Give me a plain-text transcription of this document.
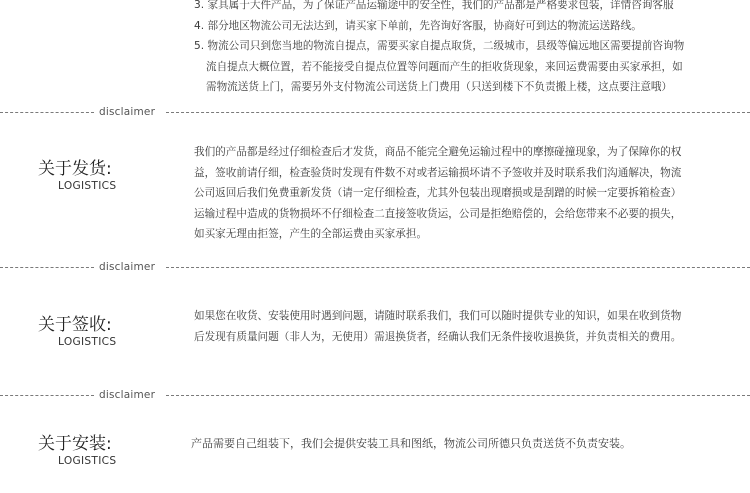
3. 家具属于大件产品，为了保证产品运输途中的安全性，我们的产品都是严格要求包装，详情咨询客服
4. 部分地区物流公司无法达到，请买家下单前，先咨询好客服，协商好可到达的物流运送路线。
5. 物流公司只到您当地的物流自提点，需要买家自提点取货，二级城市，县级等偏远地区需要提前咨询物
流自提点大概位置，若不能接受自提点位置等问题而产生的拒收货现象，来回运费需要由买家承担，如
需物流送货上门，需要另外支付物流公司送货上门费用（只送到楼下不负责搬上楼，这点要注意哦）
disclaimer
关于发货:
LOGISTICS
我们的产品都是经过仔细检查后才发货，商品不能完全避免运输过程中的摩擦碰撞现象，为了保障你的权
益，签收前请仔细，检查验货时发现有件数不对或者运输损坏请不予签收并及时联系我们沟通解决，物流
公司返回后我们免费重新发货（请一定仔细检查，尤其外包装出现磨损或是刮蹭的时候一定要拆箱检查）
运输过程中造成的货物损坏不仔细检查二直接签收货运，公司是拒绝赔偿的，会给您带来不必要的损失，
如买家无理由拒签，产生的全部运费由买家承担。
disclaimer
关于签收:
LOGISTICS
如果您在收货、安装使用时遇到问题，请随时联系我们，我们可以随时提供专业的知识，如果在收到货物
后发现有质量问题（非人为，无使用）需退换货者，经确认我们无条件接收退换货，并负责相关的费用。
disclaimer
关于安装:
LOGISTICS
产品需要自己组装下，我们会提供安装工具和图纸，物流公司所德只负责送货不负责安装。
